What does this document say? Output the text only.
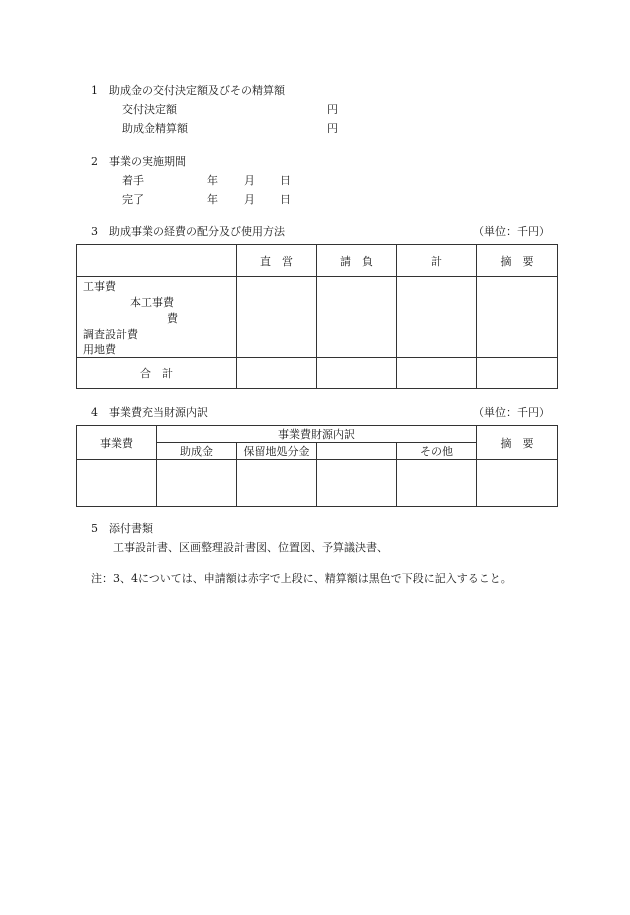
1　助成金の交付決定額及びその精算額
交付決定額	円
助成金精算額	円
2　事業の実施期間
着手	年 月 日
完了	年 月 日
3　助成事業の経費の配分及び使用方法	（単位：千円）
	直　営	請　負	計	摘　要

工事費
本工事費
費
調査設計費
用地費				

合　計				
4　事業費充当財源内訳	（単位：千円）
事業費	事業費財源内訳				摘　要
	助成金	保留地処分金		その他	

5　添付書類
工事設計書、区画整理設計書図、位置図、予算議決書、
注：3、4については、申請額は赤字で上段に、精算額は黒色で下段に記入すること。
